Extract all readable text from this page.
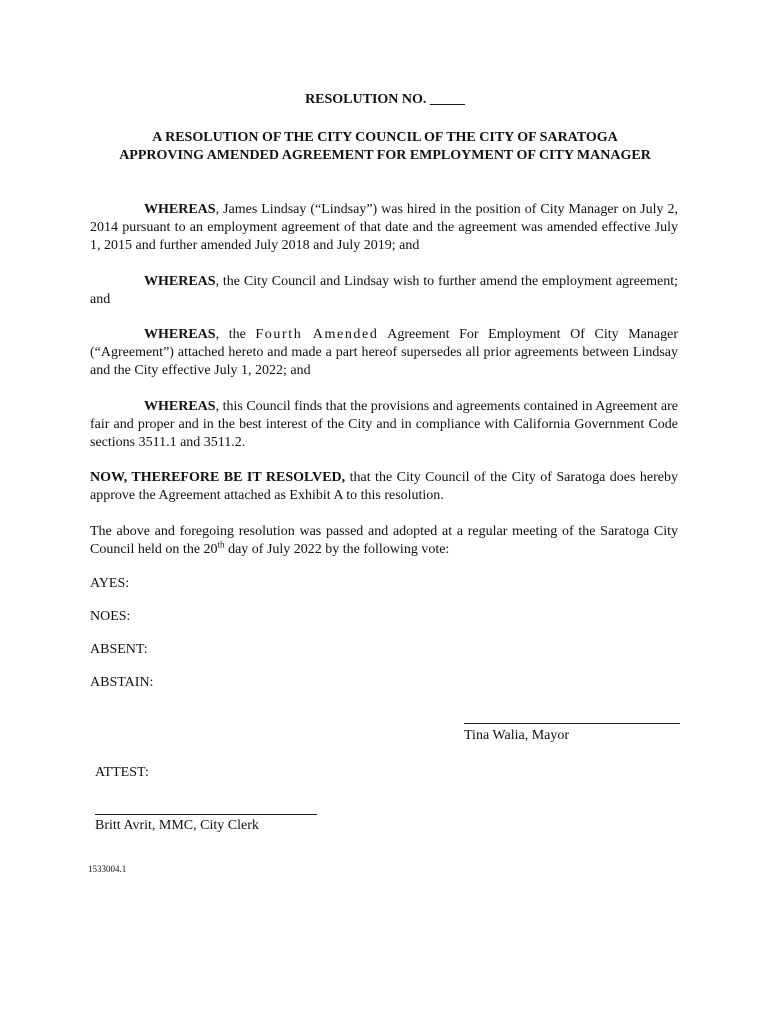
RESOLUTION NO. _____
A RESOLUTION OF THE CITY COUNCIL OF THE CITY OF SARATOGA
APPROVING AMENDED AGREEMENT FOR EMPLOYMENT OF CITY MANAGER
WHEREAS, James Lindsay (“Lindsay”) was hired in the position of City Manager on July 2, 2014 pursuant to an employment agreement of that date and the agreement was amended effective July 1, 2015 and further amended July 2018 and July 2019; and
WHEREAS, the City Council and Lindsay wish to further amend the employment agreement; and
WHEREAS, the Fourth Amended Agreement For Employment Of City Manager (“Agreement”) attached hereto and made a part hereof supersedes all prior agreements between Lindsay and the City effective July 1, 2022; and
WHEREAS, this Council finds that the provisions and agreements contained in Agreement are fair and proper and in the best interest of the City and in compliance with California Government Code sections 3511.1 and 3511.2.
NOW, THEREFORE BE IT RESOLVED, that the City Council of the City of Saratoga does hereby approve the Agreement attached as Exhibit A to this resolution.
The above and foregoing resolution was passed and adopted at a regular meeting of the Saratoga City Council held on the 20th day of July 2022 by the following vote:
AYES:
NOES:
ABSENT:
ABSTAIN:
Tina Walia, Mayor
ATTEST:
Britt Avrit, MMC, City Clerk
1533004.1
